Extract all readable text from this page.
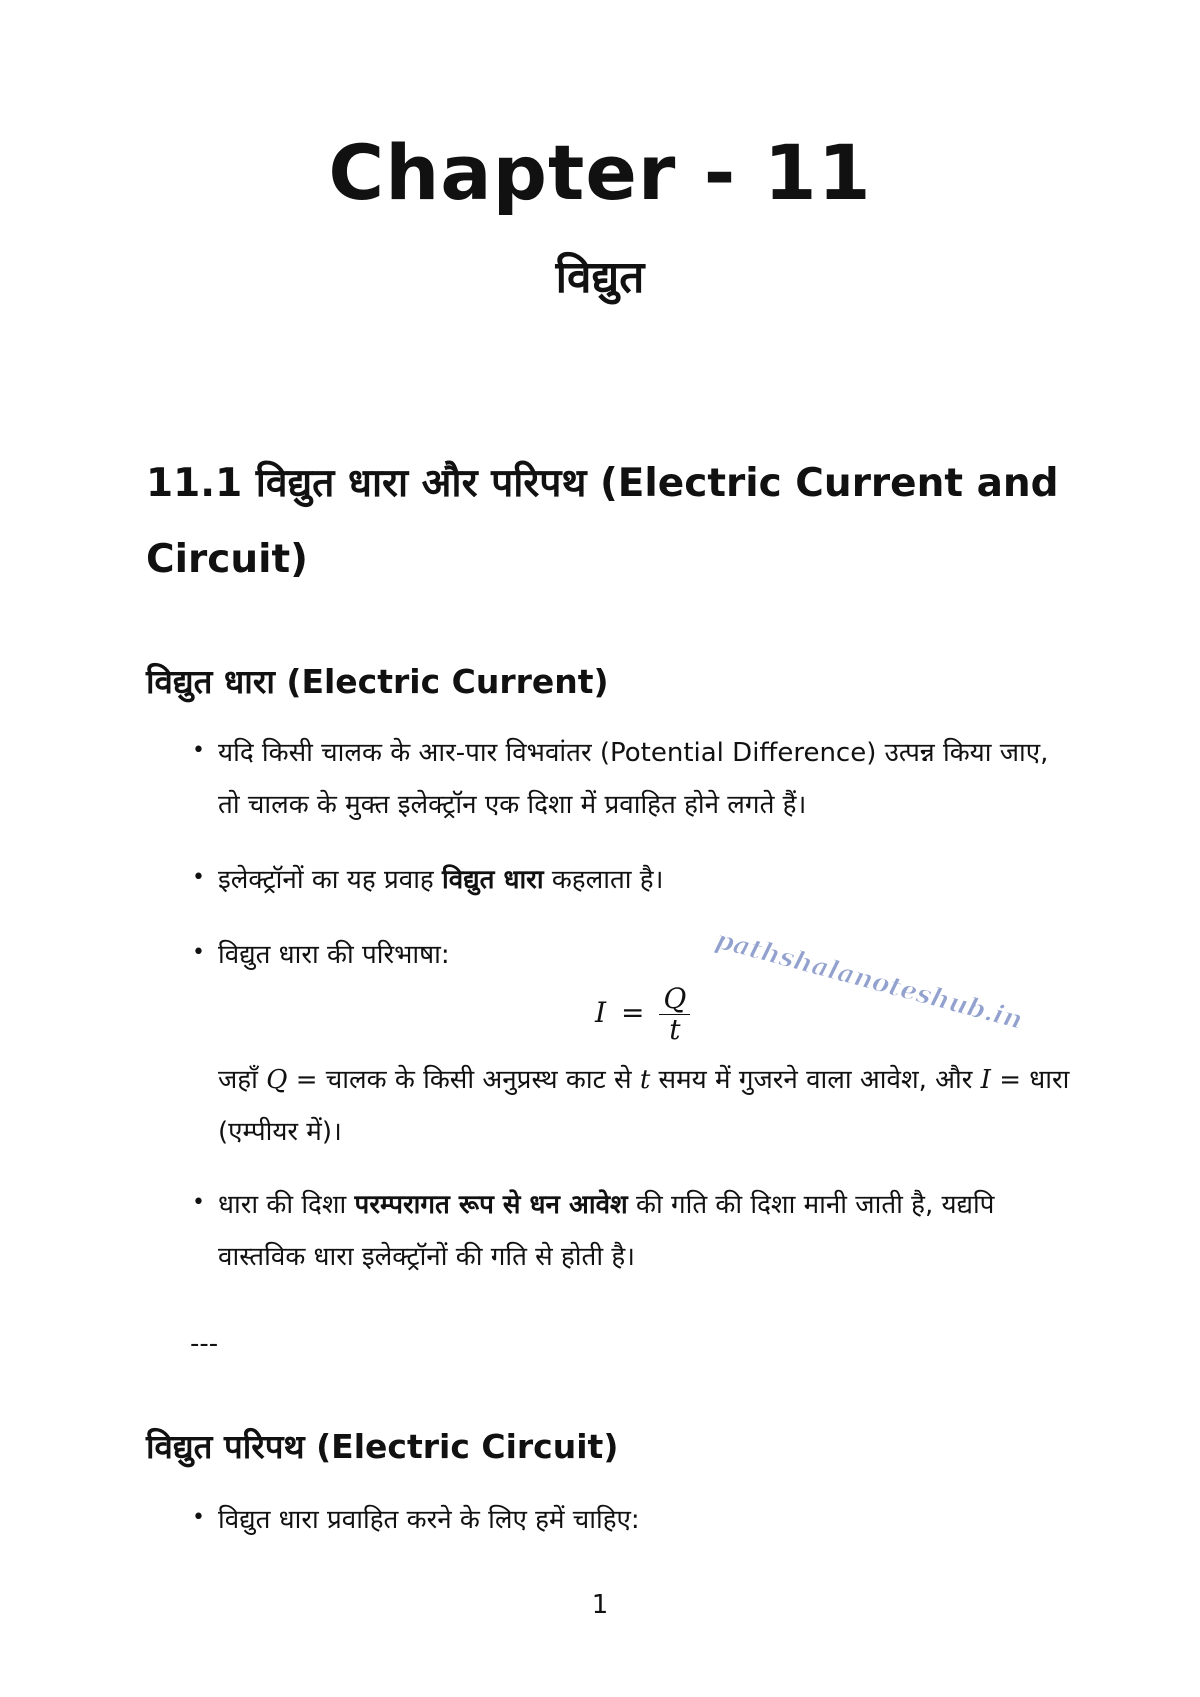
Chapter - 11
विद्युत
11.1 विद्युत धारा और परिपथ (Electric Current and Circuit)
विद्युत धारा (Electric Current)
• यदि किसी चालक के आर-पार विभवांतर (Potential Difference) उत्पन्न किया जाए, तो चालक के मुक्त इलेक्ट्रॉन एक दिशा में प्रवाहित होने लगते हैं।
• इलेक्ट्रॉनों का यह प्रवाह विद्युत धारा कहलाता है।
• विद्युत धारा की परिभाषा:
$I = \frac{Q}{t}$
जहाँ Q = चालक के किसी अनुप्रस्थ काट से t समय में गुजरने वाला आवेश, और I = धारा (एम्पीयर में)।
• धारा की दिशा परम्परागत रूप से धन आवेश की गति की दिशा मानी जाती है, यद्यपि वास्तविक धारा इलेक्ट्रॉनों की गति से होती है।
---
विद्युत परिपथ (Electric Circuit)
• विद्युत धारा प्रवाहित करने के लिए हमें चाहिए:
pathshalanoteshub.in
1
